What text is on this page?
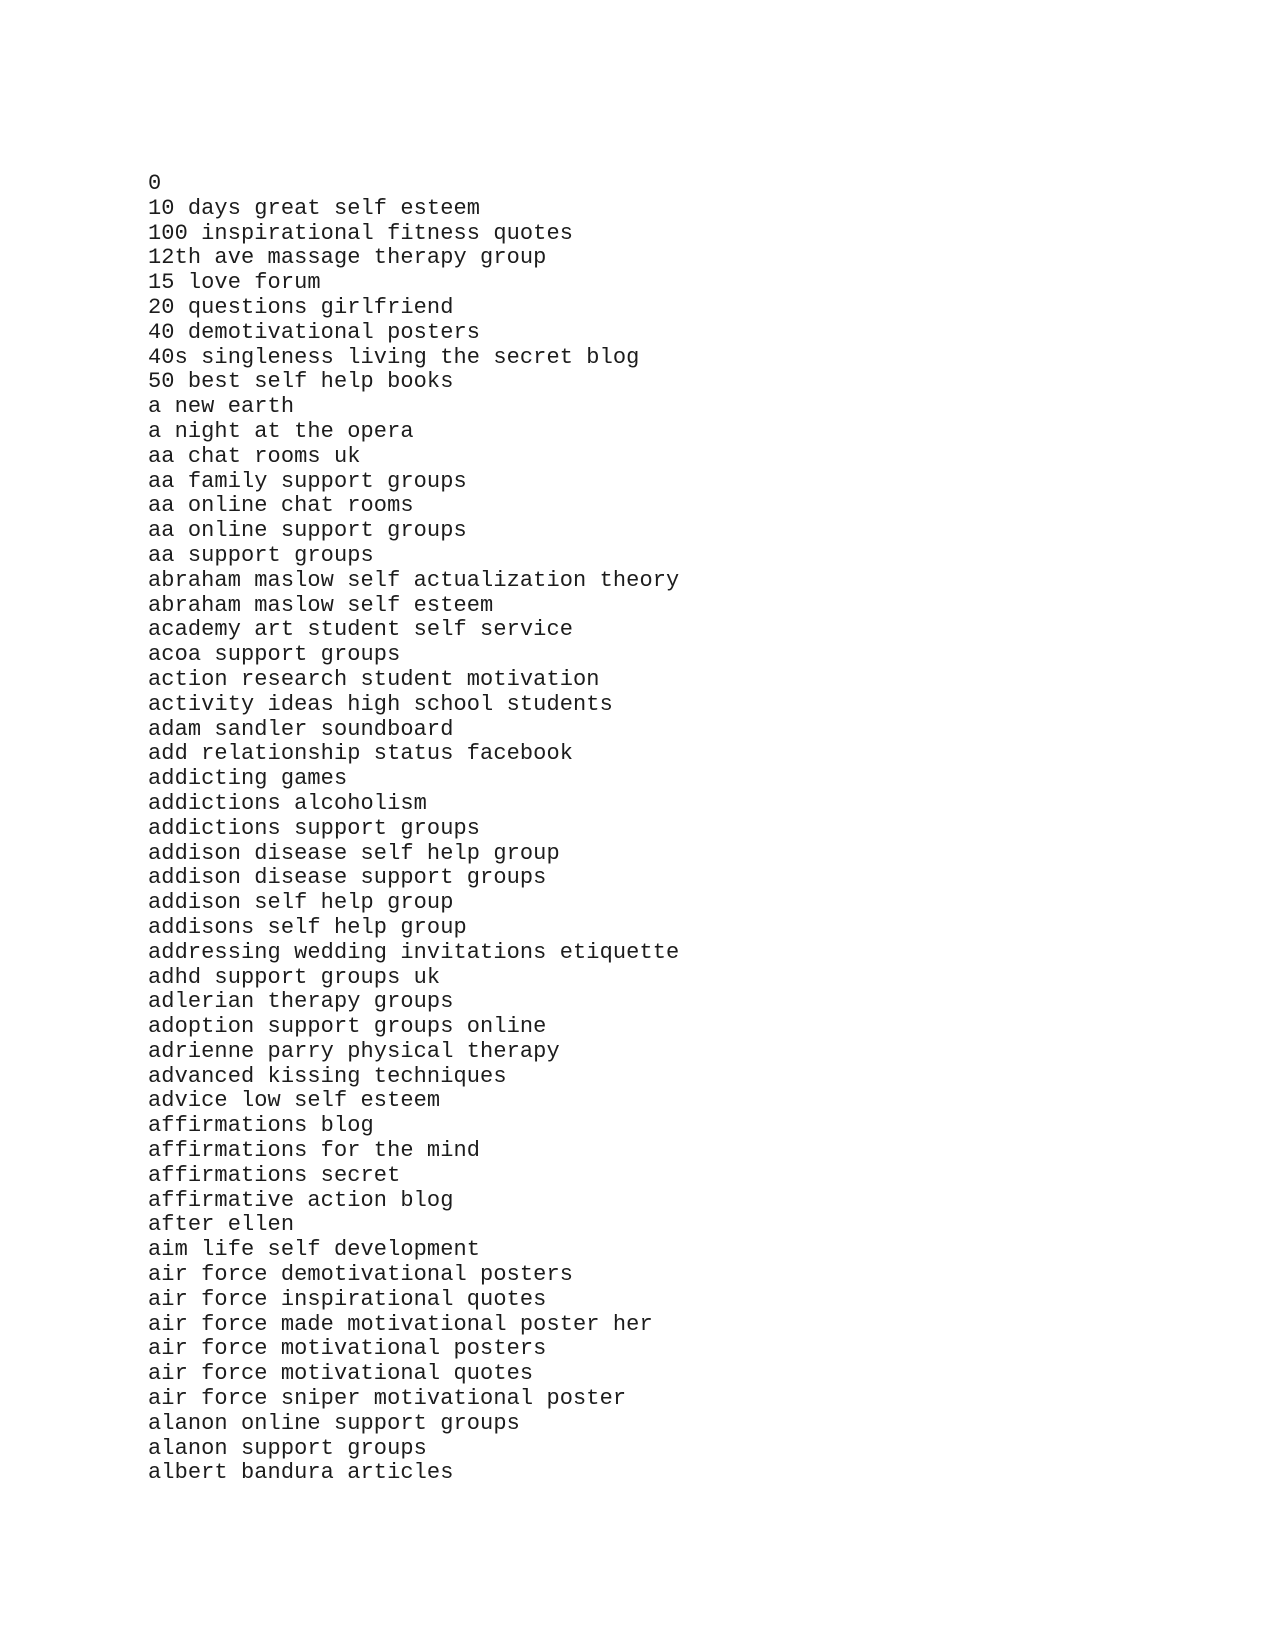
0
10 days great self esteem
100 inspirational fitness quotes
12th ave massage therapy group
15 love forum
20 questions girlfriend
40 demotivational posters
40s singleness living the secret blog
50 best self help books
a new earth
a night at the opera
aa chat rooms uk
aa family support groups
aa online chat rooms
aa online support groups
aa support groups
abraham maslow self actualization theory
abraham maslow self esteem
academy art student self service
acoa support groups
action research student motivation
activity ideas high school students
adam sandler soundboard
add relationship status facebook
addicting games
addictions alcoholism
addictions support groups
addison disease self help group
addison disease support groups
addison self help group
addisons self help group
addressing wedding invitations etiquette
adhd support groups uk
adlerian therapy groups
adoption support groups online
adrienne parry physical therapy
advanced kissing techniques
advice low self esteem
affirmations blog
affirmations for the mind
affirmations secret
affirmative action blog
after ellen
aim life self development
air force demotivational posters
air force inspirational quotes
air force made motivational poster her
air force motivational posters
air force motivational quotes
air force sniper motivational poster
alanon online support groups
alanon support groups
albert bandura articles
